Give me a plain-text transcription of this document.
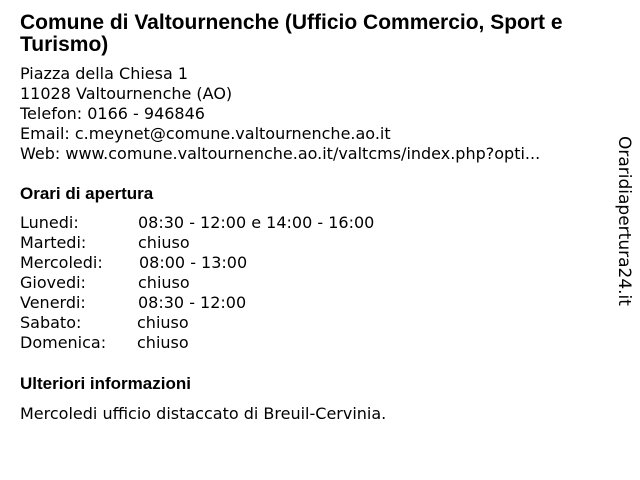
Comune di Valtournenche (Ufficio Commercio, Sport e Turismo)
Piazza della Chiesa 1
11028 Valtournenche (AO)
Telefon: 0166 - 946846
Email: c.meynet@comune.valtournenche.ao.it
Web: www.comune.valtournenche.ao.it/valtcms/index.php?opti...
Orari di apertura
Lunedi:	08:30 - 12:00 e 14:00 - 16:00
Martedi:	chiuso
Mercoledi: 08:00 - 13:00
Giovedi:	chiuso
Venerdi:	08:30 - 12:00
Sabato:	chiuso
Domenica: chiuso
Ulteriori informazioni
Mercoledi ufficio distaccato di Breuil-Cervinia.
Oraridiapertura24.it
